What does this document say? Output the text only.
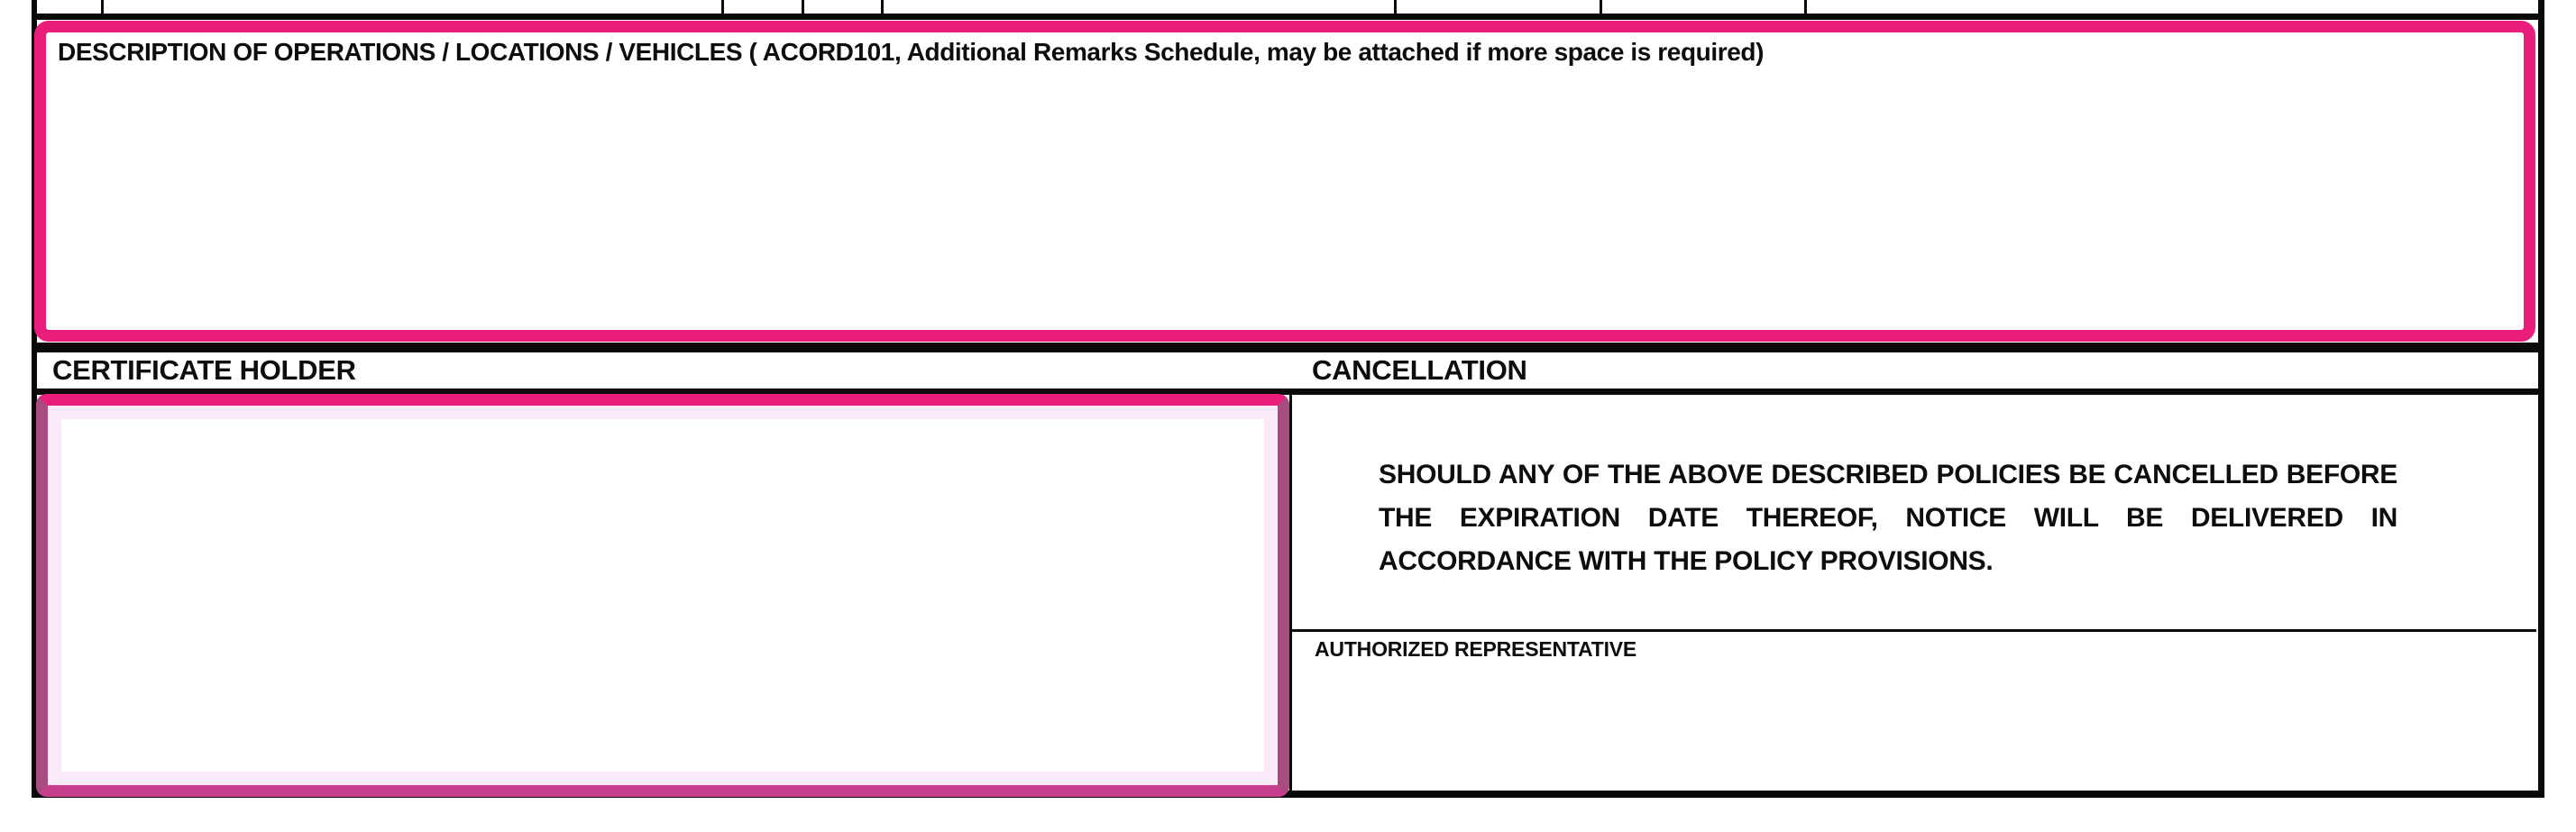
DESCRIPTION OF OPERATIONS / LOCATIONS / VEHICLES ( ACORD101, Additional Remarks Schedule, may be attached if more space is required)
CERTIFICATE HOLDER	CANCELLATION
SHOULD ANY OF THE ABOVE DESCRIBED POLICIES BE CANCELLED BEFORE
THE EXPIRATION DATE THEREOF, NOTICE WILL BE DELIVERED IN
ACCORDANCE WITH THE POLICY PROVISIONS.
AUTHORIZED REPRESENTATIVE
